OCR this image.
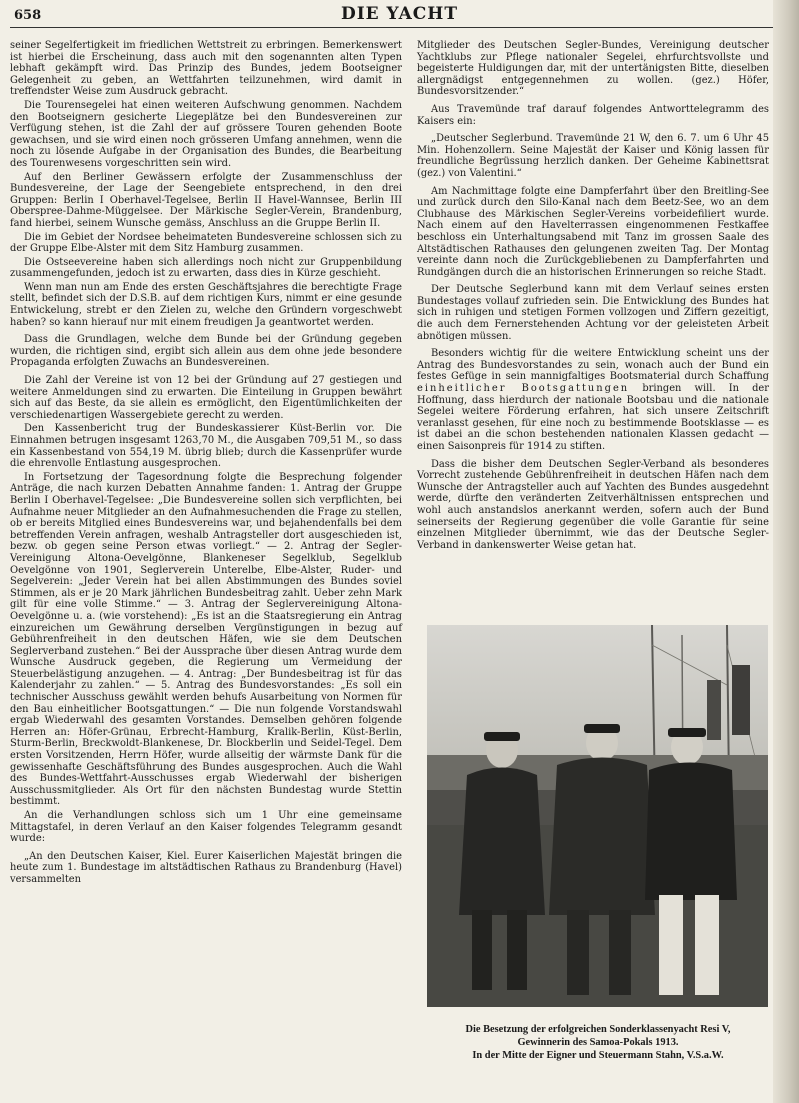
658	DIE YACHT

seiner Segelfertigkeit im friedlichen Wettstreit zu erbringen. Bemerkenswert ist hierbei die Erscheinung, dass auch mit den sogenannten alten Typen lebhaft gekämpft wird. Das Prinzip des Bundes, jedem Bootseigner Gelegenheit zu geben, an Wettfahrten teilzunehmen, wird damit in treffendster Weise zum Ausdruck gebracht.

Die Tourensegelei hat einen weiteren Aufschwung genommen. Nachdem den Bootseignern gesicherte Liegeplätze bei den Bundesvereinen zur Verfügung stehen, ist die Zahl der auf grössere Touren gehenden Boote gewachsen, und sie wird einen noch grösseren Umfang annehmen, wenn die noch zu lösende Aufgabe in der Organisation des Bundes, die Bearbeitung des Tourenwesens vorgeschritten sein wird.

Auf den Berliner Gewässern erfolgte der Zusammenschluss der Bundesvereine, der Lage der Seengebiete entsprechend, in den drei Gruppen: Berlin I Oberhavel-Tegelsee, Berlin II Havel-Wannsee, Berlin III Oberspree-Dahme-Müggelsee. Der Märkische Segler-Verein, Brandenburg, fand hierbei, seinem Wunsche gemäss, Anschluss an die Gruppe Berlin II.

Die im Gebiet der Nordsee beheimateten Bundesvereine schlossen sich zu der Gruppe Elbe-Alster mit dem Sitz Hamburg zusammen.

Die Ostseevereine haben sich allerdings noch nicht zur Gruppenbildung zusammengefunden, jedoch ist zu erwarten, dass dies in Kürze geschieht.

Wenn man nun am Ende des ersten Geschäftsjahres die berechtigte Frage stellt, befindet sich der D.S.B. auf dem richtigen Kurs, nimmt er eine gesunde Entwickelung, strebt er den Zielen zu, welche den Gründern vorgeschwebt haben? so kann hierauf nur mit einem freudigen Ja geantwortet werden.

Dass die Grundlagen, welche dem Bunde bei der Gründung gegeben wurden, die richtigen sind, ergibt sich allein aus dem ohne jede besondere Propaganda erfolgten Zuwachs an Bundesvereinen.

Die Zahl der Vereine ist von 12 bei der Gründung auf 27 gestiegen und weitere Anmeldungen sind zu erwarten. Die Einteilung in Gruppen bewährt sich auf das Beste, da sie allein es ermöglicht, den Eigentümlichkeiten der verschiedenartigen Wassergebiete gerecht zu werden.

Den Kassenbericht trug der Bundeskassierer Küst-Berlin vor. Die Einnahmen betrugen insgesamt 1263,70 M., die Ausgaben 709,51 M., so dass ein Kassenbestand von 554,19 M. übrig blieb; durch die Kassenprüfer wurde die ehrenvolle Entlastung ausgesprochen.

In Fortsetzung der Tagesordnung folgte die Besprechung folgender Anträge, die nach kurzen Debatten Annahme fanden: 1. Antrag der Gruppe Berlin I Oberhavel-Tegelsee: „Die Bundesvereine sollen sich verpflichten, bei Aufnahme neuer Mitglieder an den Aufnahmesuchenden die Frage zu stellen, ob er bereits Mitglied eines Bundesvereins war, und bejahendenfalls bei dem betreffenden Verein anfragen, weshalb Antragsteller dort ausgeschieden ist, bezw. ob gegen seine Person etwas vorliegt.“ — 2. Antrag der Segler-Vereinigung Altona-Oevelgönne, Blankeneser Segelklub, Segelklub Oevelgönne von 1901, Seglerverein Unterelbe, Elbe-Alster, Ruder- und Segelverein: „Jeder Verein hat bei allen Abstimmungen des Bundes soviel Stimmen, als er je 20 Mark jährlichen Bundesbeitrag zahlt. Ueber zehn Mark gilt für eine volle Stimme.“ — 3. Antrag der Seglervereinigung Altona-Oevelgönne u. a. (wie vorstehend): „Es ist an die Staatsregierung ein Antrag einzureichen um Gewährung derselben Vergünstigungen in bezug auf Gebührenfreiheit in den deutschen Häfen, wie sie dem Deutschen Seglerverband zustehen.“ Bei der Aussprache über diesen Antrag wurde dem Wunsche Ausdruck gegeben, die Regierung um Vermeidung der Steuerbelästigung anzugehen. — 4. Antrag: „Der Bundesbeitrag ist für das Kalenderjahr zu zahlen.“ — 5. Antrag des Bundesvorstandes: „Es soll ein technischer Ausschuss gewählt werden behufs Ausarbeitung von Normen für den Bau einheitlicher Bootsgattungen.“ — Die nun folgende Vorstandswahl ergab Wiederwahl des gesamten Vorstandes. Demselben gehören folgende Herren an: Höfer-Grünau, Erbrecht-Hamburg, Kralik-Berlin, Küst-Berlin, Sturm-Berlin, Breckwoldt-Blankenese, Dr. Blockberlin und Seidel-Tegel. Dem ersten Vorsitzenden, Herrn Höfer, wurde allseitig der wärmste Dank für die gewissenhafte Geschäftsführung des Bundes ausgesprochen. Auch die Wahl des Bundes-Wettfahrt-Ausschusses ergab Wiederwahl der bisherigen Ausschussmitglieder. Als Ort für den nächsten Bundestag wurde Stettin bestimmt.

An die Verhandlungen schloss sich um 1 Uhr eine gemeinsame Mittagstafel, in deren Verlauf an den Kaiser folgendes Telegramm gesandt wurde:

„An den Deutschen Kaiser, Kiel. Eurer Kaiserlichen Majestät bringen die heute zum 1. Bundestage im altstädtischen Rathaus zu Brandenburg (Havel) versammelten

Mitglieder des Deutschen Segler-Bundes, Vereinigung deutscher Yachtklubs zur Pflege nationaler Segelei, ehrfurchtsvollste und begeisterte Huldigungen dar, mit der untertänigsten Bitte, dieselben allergnädigst entgegennehmen zu wollen. (gez.) Höfer, Bundesvorsitzender.“

Aus Travemünde traf darauf folgendes Antworttelegramm des Kaisers ein:

„Deutscher Seglerbund. Travemünde 21 W, den 6. 7. um 6 Uhr 45 Min. Hohenzollern. Seine Majestät der Kaiser und König lassen für freundliche Begrüssung herzlich danken. Der Geheime Kabinettsrat (gez.) von Valentini.“

Am Nachmittage folgte eine Dampferfahrt über den Breitling-See und zurück durch den Silo-Kanal nach dem Beetz-See, wo an dem Clubhause des Märkischen Segler-Vereins vorbeidefiliert wurde. Nach einem auf den Havelterrassen eingenommenen Festkaffee beschloss ein Unterhaltungsabend mit Tanz im grossen Saale des Altstädtischen Rathauses den gelungenen zweiten Tag. Der Montag vereinte dann noch die Zurückgebliebenen zu Dampferfahrten und Rundgängen durch die an historischen Erinnerungen so reiche Stadt.

Der Deutsche Seglerbund kann mit dem Verlauf seines ersten Bundestages vollauf zufrieden sein. Die Entwicklung des Bundes hat sich in ruhigen und stetigen Formen vollzogen und Ziffern gezeitigt, die auch dem Fernerstehenden Achtung vor der geleisteten Arbeit abnötigen müssen.

Besonders wichtig für die weitere Entwicklung scheint uns der Antrag des Bundesvorstandes zu sein, wonach auch der Bund ein festes Gefüge in sein mannigfaltiges Bootsmaterial durch Schaffung einheitlicher Bootsgattungen bringen will. In der Hoffnung, dass hierdurch der nationale Bootsbau und die nationale Segelei weitere Förderung erfahren, hat sich unsere Zeitschrift veranlasst gesehen, für eine noch zu bestimmende Bootsklasse — es ist dabei an die schon bestehenden nationalen Klassen gedacht — einen Saisonpreis für 1914 zu stiften.

Dass die bisher dem Deutschen Segler-Verband als besonderes Vorrecht zustehende Gebührenfreiheit in deutschen Häfen nach dem Wunsche der Antragsteller auch auf Yachten des Bundes ausgedehnt werde, dürfte den veränderten Zeitverhältnissen entsprechen und wohl auch anstandslos anerkannt werden, sofern auch der Bund seinerseits der Regierung gegenüber die volle Garantie für seine einzelnen Mitglieder übernimmt, wie das der Deutsche Segler-Verband in dankenswerter Weise getan hat.

Die Besetzung der erfolgreichen Sonderklassenyacht Resi V,
Gewinnerin des Samoa-Pokals 1913.
In der Mitte der Eigner und Steuermann Stahn, V.S.a.W.
